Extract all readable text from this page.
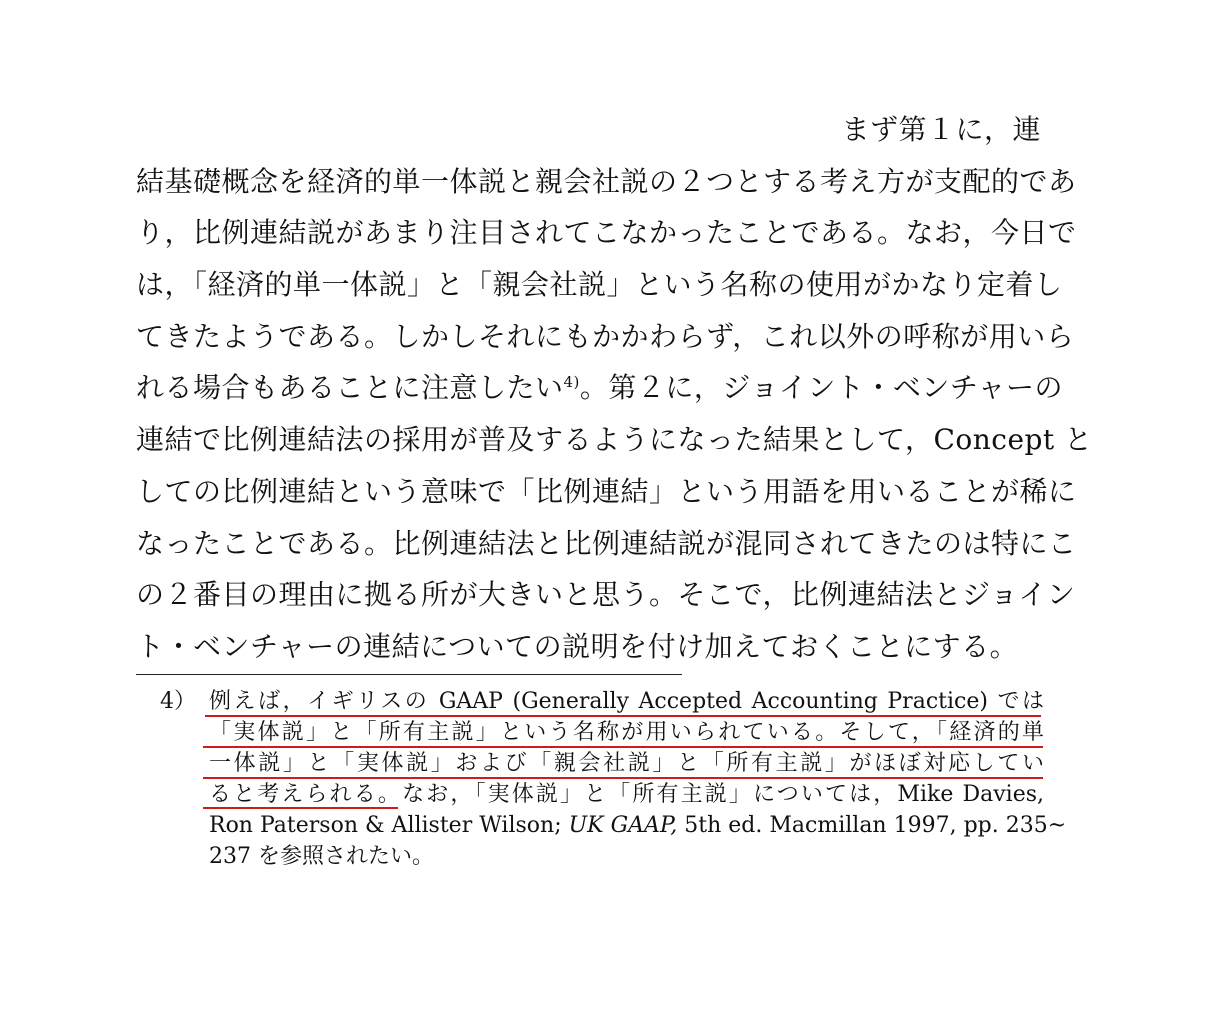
まず第１に，連
結基礎概念を経済的単一体説と親会社説の２つとする考え方が支配的であ
り，比例連結説があまり注目されてこなかったことである。なお，今日で
は，「経済的単一体説」と「親会社説」という名称の使用がかなり定着し
てきたようである。しかしそれにもかかわらず，これ以外の呼称が用いら
れる場合もあることに注意したい$^{4)}$。第２に，ジョイント・ベンチャーの
連結で比例連結法の採用が普及するようになった結果として，Concept と
しての比例連結という意味で「比例連結」という用語を用いることが稀に
なったことである。比例連結法と比例連結説が混同されてきたのは特にこ
の２番目の理由に拠る所が大きいと思う。そこで，比例連結法とジョイン
ト・ベンチャーの連結についての説明を付け加えておくことにする。
4） 例えば，イギリスの GAAP (Generally Accepted Accounting Practice) では
「実体説」と「所有主説」という名称が用いられている。そして，「経済的単
一体説」と「実体説」および「親会社説」と「所有主説」がほぼ対応してい
ると考えられる。なお，「実体説」と「所有主説」については，Mike Davies,
Ron Paterson & Allister Wilson; UK GAAP, 5th ed. Macmillan 1997, pp. 235~
237 を参照されたい。
